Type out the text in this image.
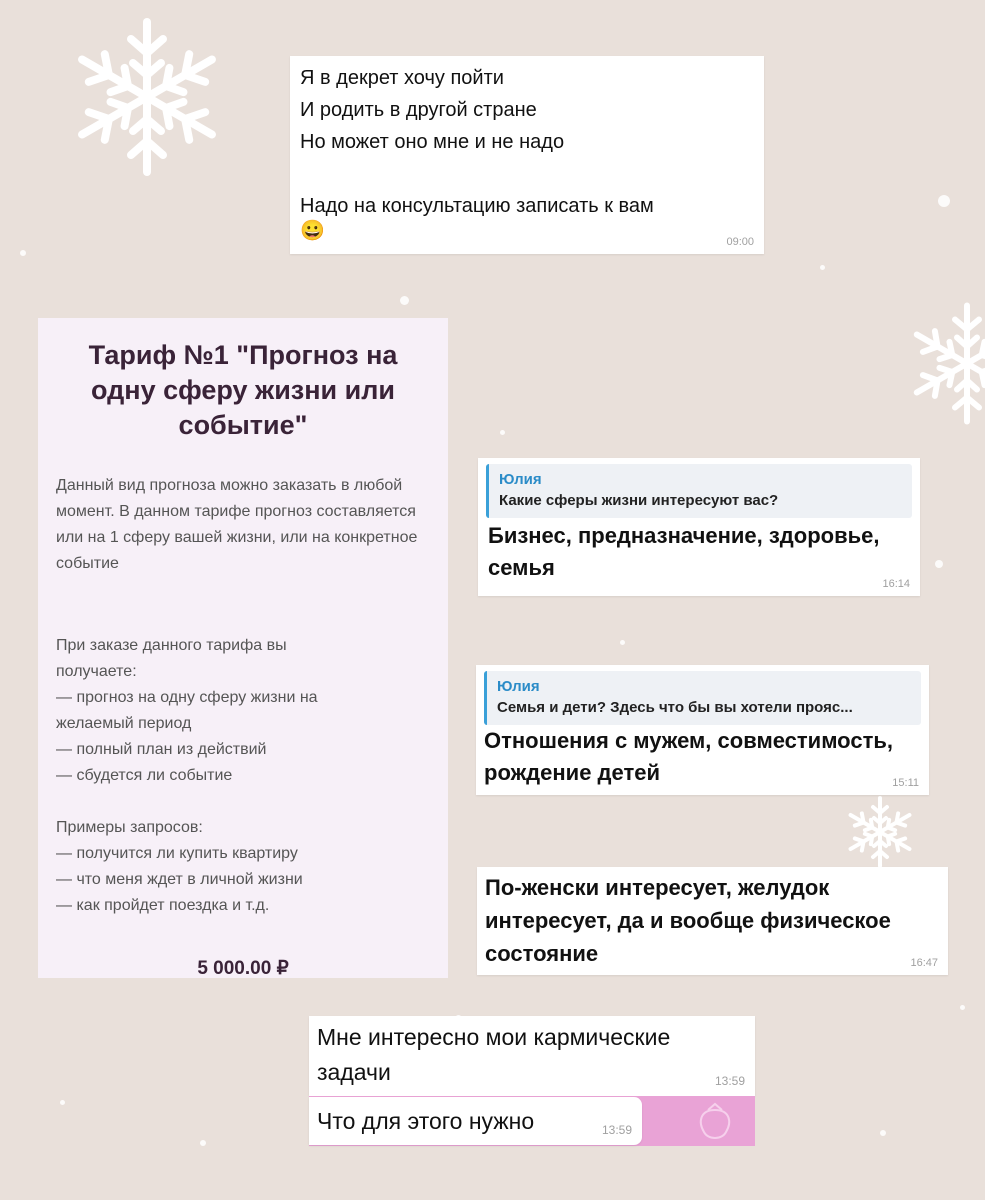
Я в декрет хочу пойти
И родить в другой стране
Но может оно мне и не надо

Надо на консультацию записать к вам
😀	09:00
Тариф №1 "Прогноз на одну сферу жизни или событие"
Данный вид прогноза можно заказать в любой момент. В данном тарифе прогноз составляется или на 1 сферу вашей жизни, или на конкретное событие
При заказе данного тарифа вы получаете:
— прогноз на одну сферу жизни на желаемый период
— полный план из действий
— сбудется ли событие
Примеры запросов:
— получится ли купить квартиру
— что меня ждет в личной жизни
— как пройдет поездка и т.д.
5 000.00 ₽
Юлия
Какие сферы жизни интересуют вас?
Бизнес, предназначение, здоровье,
семья
16:14
Юлия
Семья и дети? Здесь что бы вы хотели прояс...
Отношения с мужем, совместимость,
рождение детей	15:11
По-женски интересует, желудок
интересует, да и вообще физическое
состояние	16:47
Мне интересно мои кармические
задачи	13:59
Что для этого нужно	13:59
